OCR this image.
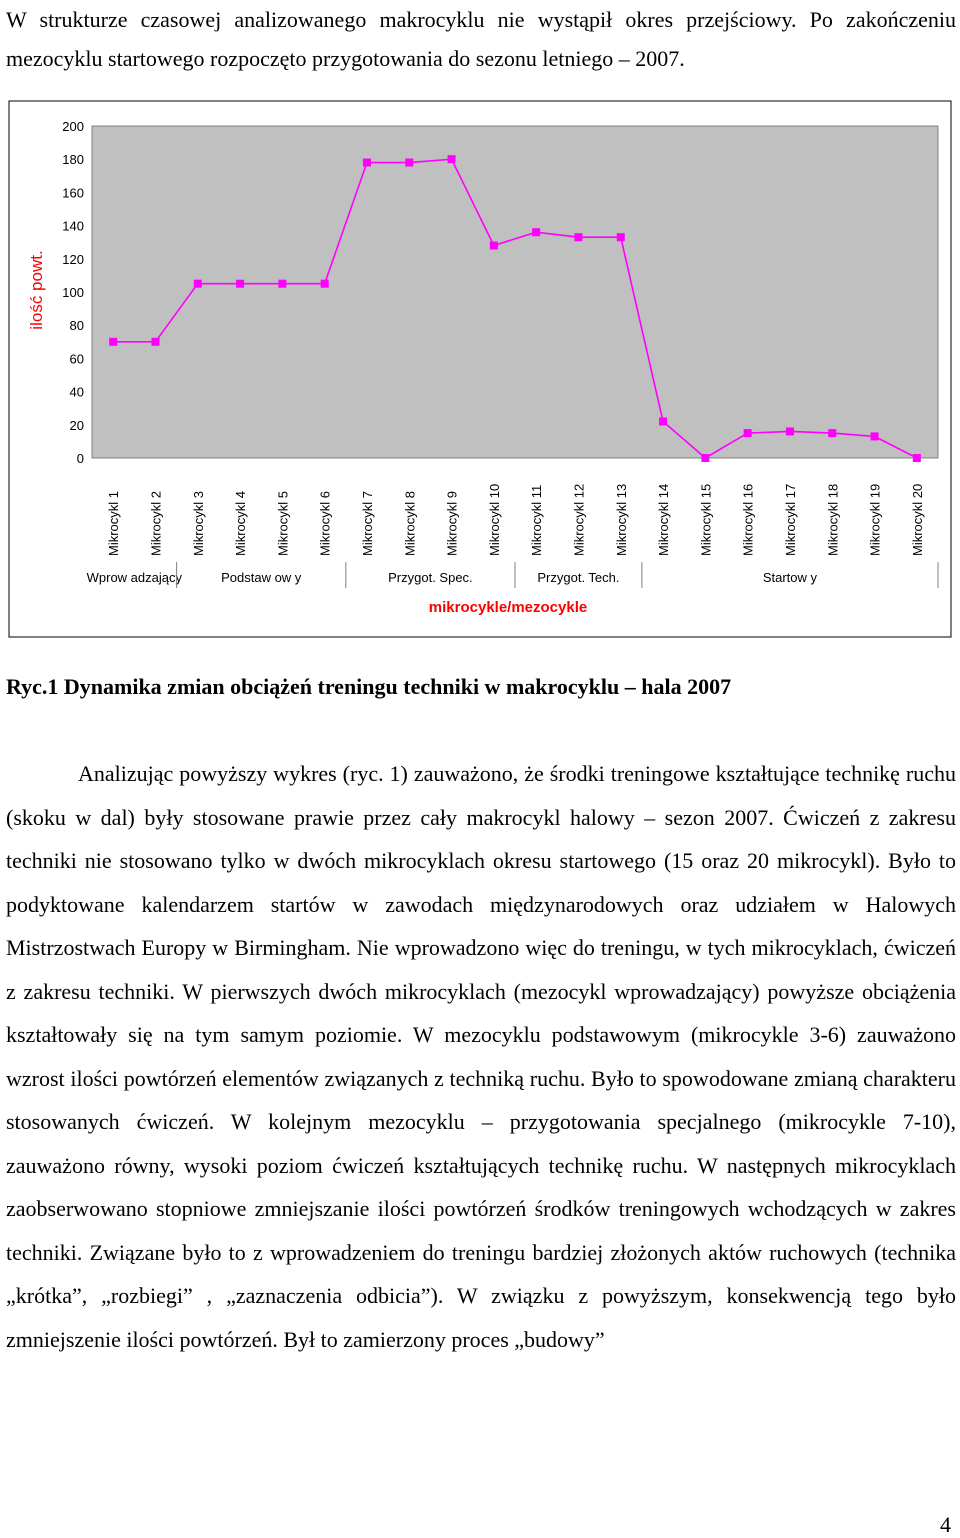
W strukturze czasowej analizowanego makrocyklu nie wystąpił okres przejściowy. Po zakończeniu mezocyklu startowego rozpoczęto przygotowania do sezonu letniego – 2007.

0
20
40
60
80
100
120
140
160
180
200
ilość powt.
Mikrocykl 1 Mikrocykl 2 Mikrocykl 3 Mikrocykl 4 Mikrocykl 5 Mikrocykl 6 Mikrocykl 7 Mikrocykl 8 Mikrocykl 9 Mikrocykl 10 Mikrocykl 11 Mikrocykl 12 Mikrocykl 13 Mikrocykl 14 Mikrocykl 15 Mikrocykl 16 Mikrocykl 17 Mikrocykl 18 Mikrocykl 19 Mikrocykl 20
Wprow adzający	Podstaw ow y	Przygot. Spec.	Przygot. Tech.	Startow y
mikrocykle/mezocykle
Ryc.1 Dynamika zmian obciążeń treningu techniki w makrocyklu – hala 2007

Analizując powyższy wykres (ryc. 1) zauważono, że środki treningowe kształtujące technikę ruchu (skoku w dal) były stosowane prawie przez cały makrocykl halowy – sezon 2007. Ćwiczeń z zakresu techniki nie stosowano tylko w dwóch mikrocyklach okresu startowego (15 oraz 20 mikrocykl). Było to podyktowane kalendarzem startów w zawodach międzynarodowych oraz udziałem w Halowych Mistrzostwach Europy w Birmingham. Nie wprowadzono więc do treningu, w tych mikrocyklach, ćwiczeń z zakresu techniki. W pierwszych dwóch mikrocyklach (mezocykl wprowadzający) powyższe obciążenia kształtowały się na tym samym poziomie. W mezocyklu podstawowym (mikrocykle 3-6) zauważono wzrost ilości powtórzeń elementów związanych z techniką ruchu. Było to spowodowane zmianą charakteru stosowanych ćwiczeń. W kolejnym mezocyklu – przygotowania specjalnego (mikrocykle 7-10), zauważono równy, wysoki poziom ćwiczeń kształtujących technikę ruchu. W następnych mikrocyklach zaobserwowano stopniowe zmniejszanie ilości powtórzeń środków treningowych wchodzących w zakres techniki. Związane było to z wprowadzeniem do treningu bardziej złożonych aktów ruchowych (technika „krótka”, „rozbiegi” , „zaznaczenia odbicia”). W związku z powyższym, konsekwencją tego było zmniejszenie ilości powtórzeń. Był to zamierzony proces „budowy”

4
